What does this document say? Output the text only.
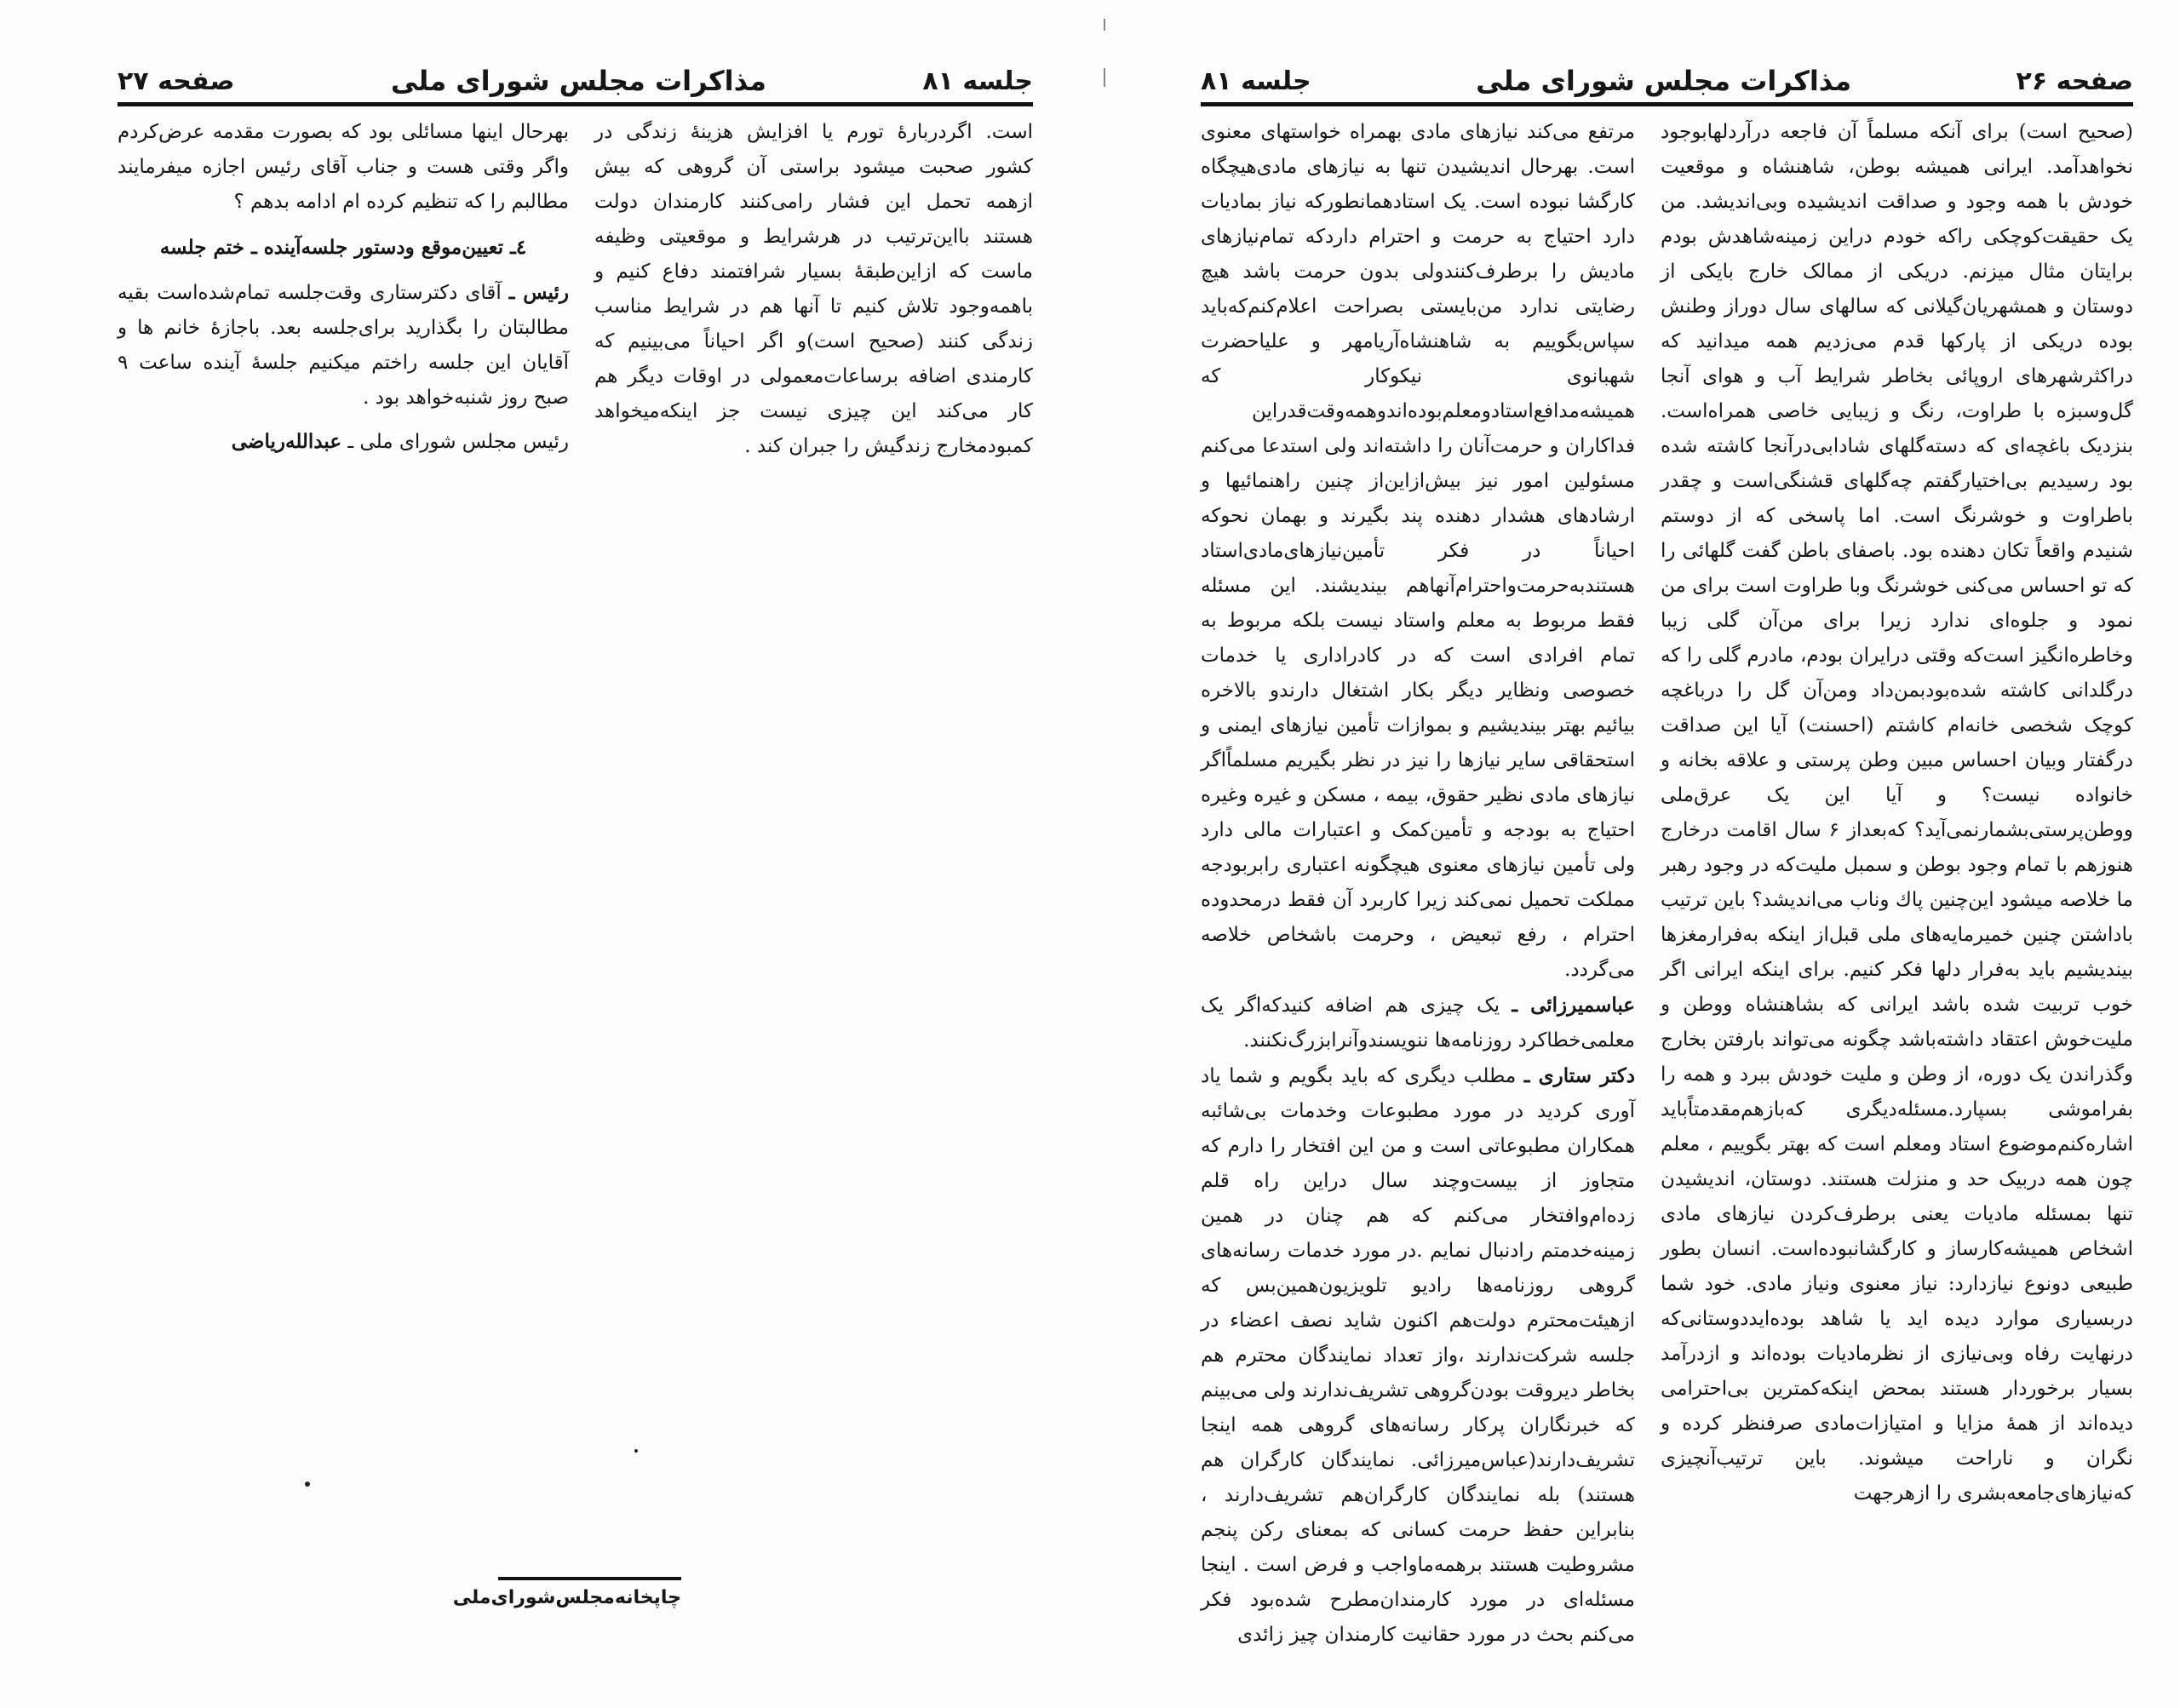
صفحه ۲۷	مذاکرات مجلس شورای ملی	جلسه ۸۱

است. اگردربارهٔ تورم یا افزایش هزینهٔ زندگی در کشور صحبت میشود براستی آن گروهی که بیش ازهمه تحمل این فشار رامی‌کنند کارمندان دولت هستند بااین‌ترتیب در هرشرایط و موقعیتی وظیفه ماست که ازاین‌طبقهٔ بسیار شرافتمند دفاع کنیم و باهمه‌وجود تلاش کنیم تا آنها هم در شرایط مناسب زندگی کنند (صحیح است)و اگر احیاناً می‌بینیم که کارمندی اضافه برساعات‌معمولی در اوقات دیگر هم کار می‌کند این چیزی نیست جز اینکه‌میخواهد کمبودمخارج زندگیش را جبران کند .

بهرحال اینها مسائلی بود که بصورت مقدمه عرض‌کردم واگر وقتی هست و جناب آقای رئیس اجازه میفرمایند مطالبم را که تنظیم کرده ام ادامه بدهم ؟

٤ـ تعیین‌موقع ودستور جلسه‌آینده ـ ختم جلسه

رئیس ـ آقای دکترستاری وقت‌جلسه تمام‌شده‌است بقیه مطالبتان را بگذارید برای‌جلسه بعد. باجازهٔ خانم ها و آقایان این جلسه راختم میکنیم جلسهٔ آینده ساعت ۹ صبح روز شنبه‌خواهد بود .

رئیس مجلس شورای ملی ـ عبدالله‌ریاضی

چاپخانه‌مجلس‌شورای‌ملی
جلسه ۸۱	مذاکرات مجلس شورای ملی	صفحه ۲۶

(صحیح است) برای آنکه مسلماً آن فاجعه درآردلهابوجود نخواهدآمد. ایرانی همیشه بوطن، شاهنشاه و موقعیت خودش با همه وجود و صداقت اندیشیده وبی‌اندیشد. من یک حقیقت‌کوچکی راکه خودم دراین زمینه‌شاهدش بودم برایتان مثال میزنم. دریکی از ممالک خارج بایکی از دوستان و همشهریان‌گیلانی که سالهای سال دوراز وطنش بوده دریکی از پارکها قدم می‌زدیم همه میدانید که دراکثرشهرهای اروپائی بخاطر شرایط آب و هوای آنجا گل‌وسبزه با طراوت، رنگ و زیبایی خاصی همراه‌است. بنزدیک باغچه‌ای که دسته‌گلهای شادابی‌درآنجا کاشته شده بود رسیدیم بی‌اختیارگفتم چه‌گلهای قشنگی‌است و چقدر باطراوت و خوشرنگ است. اما پاسخی که از دوستم شنیدم واقعاً تکان دهنده بود. باصفای باطن گفت گلهائی را که تو احساس می‌کنی خوشرنگ وبا طراوت است برای من نمود و جلوه‌ای ندارد زیرا برای من‌آن گلی زیبا وخاطره‌انگیز است‌که وقتی درایران بودم، مادرم گلی را که درگلدانی کاشته شده‌بودبمن‌داد ومن‌آن گل را درباغچه کوچک شخصی خانه‌ام کاشتم (احسنت) آیا این صداقت درگفتار وبیان احساس مبین وطن پرستی و علاقه بخانه و خانواده نیست؟ و آیا این یک عرق‌ملی ووطن‌پرستی‌بشمارنمی‌آید؟ که‌بعداز ۶ سال اقامت درخارج هنوزهم با تمام وجود بوطن و سمبل ملیت‌که در وجود رهبر ما خلاصه میشود این‌چنین پاك وناب می‌اندیشد؟ باین ترتیب باداشتن چنین خمیرمایه‌های ملی قبل‌از اینکه به‌فرارمغزها بیندیشیم باید به‌فرار دلها فکر کنیم. برای اینکه ایرانی اگر خوب تربیت شده باشد ایرانی که بشاهنشاه ووطن و ملیت‌خوش اعتقاد داشته‌باشد چگونه می‌تواند بارفتن بخارج وگذراندن یک دوره، از وطن و ملیت خودش ببرد و همه را بفراموشی بسپارد.مسئله‌دیگری که‌بازهم‌مقدمتاًباید اشاره‌کنم‌موضوع استاد ومعلم است که بهتر بگوییم ، معلم چون همه دربیک حد و منزلت هستند. دوستان، اندیشیدن تنها بمسئله مادیات یعنی برطرف‌کردن نیازهای مادی اشخاص همیشه‌کارساز و کارگشانبوده‌است. انسان بطور طبیعی دونوع نیازدارد: نیاز معنوی ونیاز مادی. خود شما دربسیاری موارد دیده اید یا شاهد بوده‌ایددوستانی‌که درنهایت رفاه وبی‌نیازی از نظرمادیات بوده‌اند و ازدرآمد بسیار برخوردار هستند بمحض اینکه‌کمترین بی‌احترامی دیده‌اند از همهٔ مزایا و امتیازات‌مادی صرفنظر کرده و نگران و ناراحت میشوند. باین ترتیب‌آنچیزی که‌نیازهای‌جامعه‌بشری را ازهرجهت

مرتفع می‌کند نیازهای مادی بهمراه خواستهای معنوی است. بهرحال اندیشیدن تنها به نیازهای مادی‌هیچگاه کارگشا نبوده است. یک استادهمانطورکه نیاز بمادیات دارد احتیاج به حرمت و احترام داردکه تمام‌نیازهای مادیش را برطرف‌کنندولی بدون حرمت باشد هیچ رضایتی ندارد من‌بایستی بصراحت اعلام‌کنم‌که‌باید سپاس‌بگوییم به شاهنشاه‌آریامهر و علیاحضرت شهبانوی نیکوکار که همیشه‌مدافع‌استادومعلم‌بوده‌اندوهمه‌وقت‌قدراین فداکاران و حرمت‌آنان را داشته‌اند ولی استدعا می‌کنم مسئولین امور نیز بیش‌ازاین‌از چنین راهنمائیها و ارشادهای هشدار دهنده پند بگیرند و بهمان نحوکه احیاناً در فکر تأمین‌نیازهای‌مادی‌استاد هستند‌به‌حرمت‌واحترام‌آنها‌هم بیندیشند. این مسئله فقط مربوط به معلم واستاد نیست بلکه مربوط به تمام افرادی است که در کادراداری یا خدمات خصوصی ونظایر دیگر بکار اشتغال دارندو بالاخره بیائیم بهتر بیندیشیم و بموازات تأمین نیازهای ایمنی و استحقاقی سایر نیازها را نیز در نظر بگیریم مسلماًاگر نیازهای مادی نظیر حقوق، بیمه ، مسکن و غیره وغیره احتیاج به بودجه و تأمین‌کمک و اعتبارات مالی دارد ولی تأمین نیازهای معنوی هیچگونه اعتباری رابربودجه مملکت تحمیل نمی‌کند زیرا کاربرد آن فقط درمحدوده احترام ، رفع تبعیض ، وحرمت باشخاص خلاصه می‌گردد.

عباسمیرزائی ـ یک چیزی هم اضافه کنیدکه‌اگر یک معلمی‌خطاکرد روزنامه‌ها ننویسندوآنرابزرگ‌نکنند.

دکتر ستاری ـ مطلب دیگری که باید بگویم و شما یاد آوری کردید در مورد مطبوعات وخدمات بی‌شائبه همکاران مطبوعاتی است و من این افتخار را دارم که متجاوز از بیست‌وچند سال دراین راه قلم زده‌ام‌وافتخار می‌کنم که هم چنان در همین زمینه‌خدمتم رادنبال نمایم .در مورد خدمات رسانه‌های گروهی روزنامه‌ها رادیو تلویزیون‌همین‌بس که ازهیئت‌محترم دولت‌هم اکنون شاید نصف اعضاء در جلسه شرکت‌ندارند ،واز تعداد نمایندگان محترم هم بخاطر دیروقت بودن‌گروهی تشریف‌ندارند ولی می‌بینم که خبرنگاران پرکار رسانه‌های گروهی همه اینجا تشریف‌دارند(عباس‌میرزائی. نمایندگان کارگران هم هستند) بله نمایندگان کارگران‌هم تشریف‌دارند ، بنابراین حفظ حرمت کسانی که بمعنای رکن پنجم مشروطیت هستند برهمه‌ماواجب و فرض است . اینجا مسئله‌ای در مورد کارمندان‌مطرح شده‌بود فکر می‌کنم بحث در مورد حقانیت کارمندان چیز زائدی
